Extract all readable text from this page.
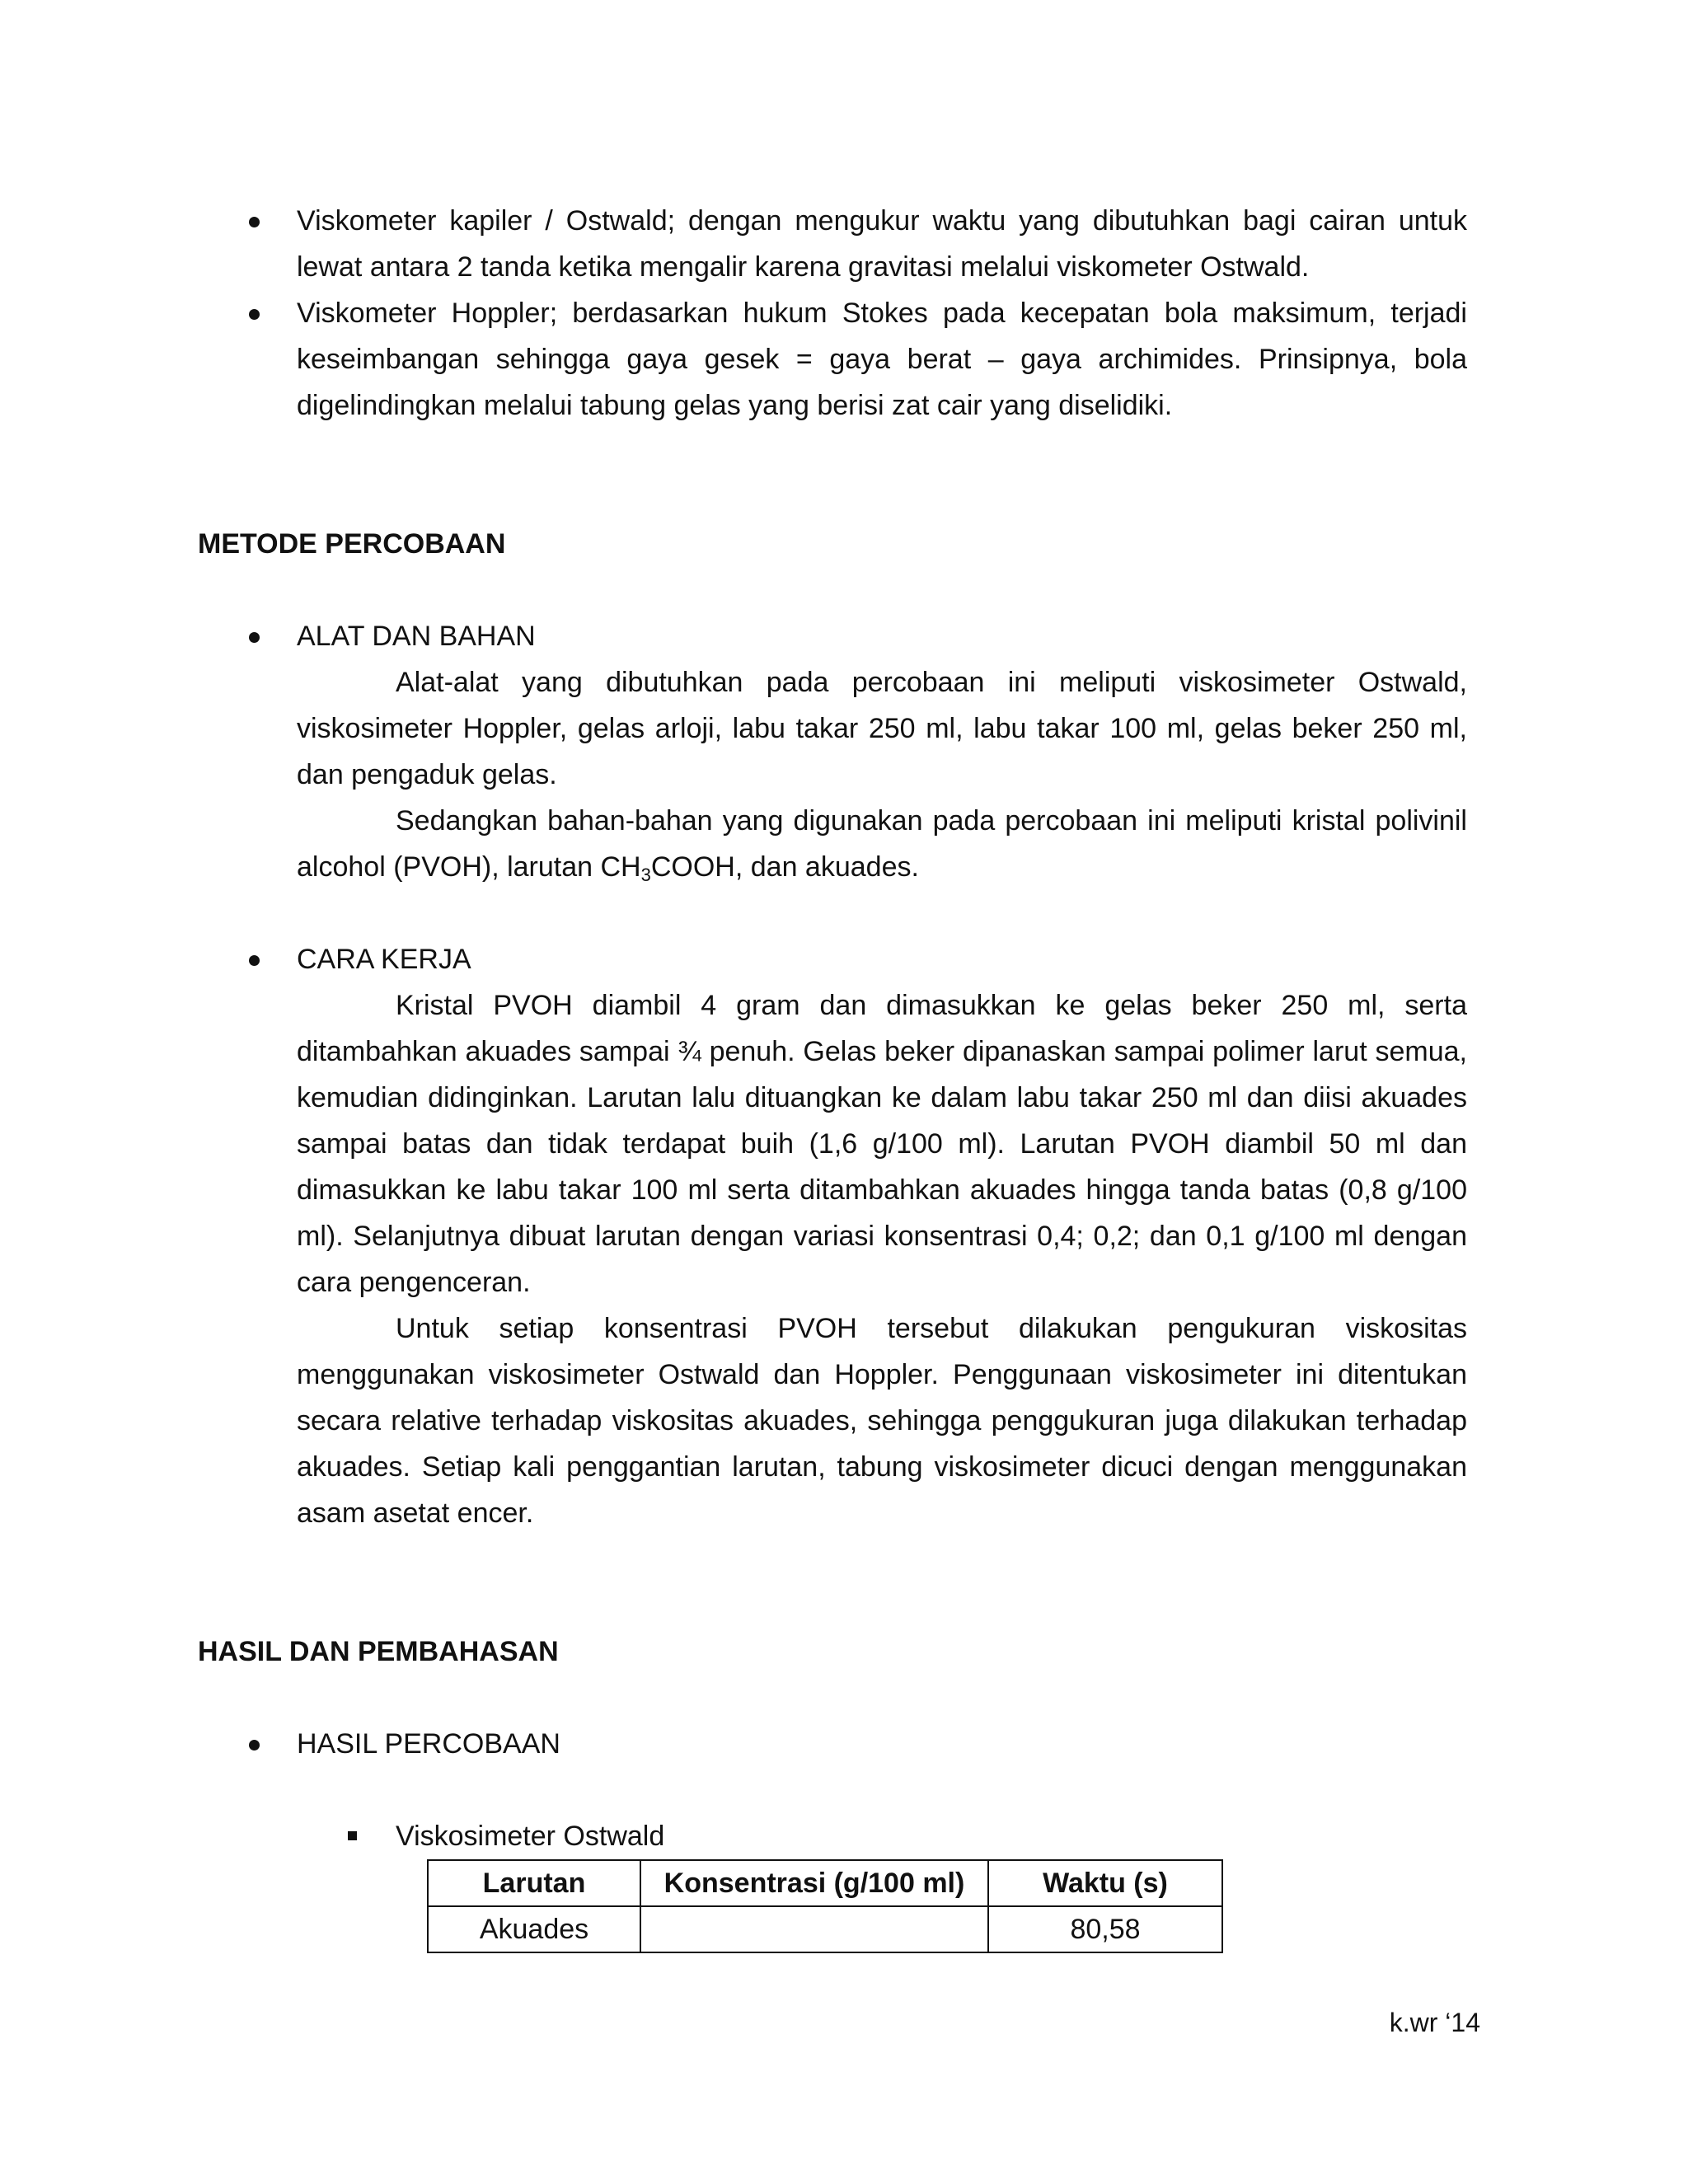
Viskometer kapiler / Ostwald; dengan mengukur waktu yang dibutuhkan bagi cairan untuk lewat antara 2 tanda ketika mengalir karena gravitasi melalui viskometer Ostwald.

Viskometer Hoppler; berdasarkan hukum Stokes pada kecepatan bola maksimum, terjadi keseimbangan sehingga gaya gesek = gaya berat – gaya archimides. Prinsipnya, bola digelindingkan melalui tabung gelas yang berisi zat cair yang diselidiki.

METODE PERCOBAAN

ALAT DAN BAHAN

Alat-alat yang dibutuhkan pada percobaan ini meliputi viskosimeter Ostwald, viskosimeter Hoppler, gelas arloji, labu takar 250 ml, labu takar 100 ml, gelas beker 250 ml, dan pengaduk gelas.

Sedangkan bahan-bahan yang digunakan pada percobaan ini meliputi kristal polivinil alcohol (PVOH), larutan $CH_3COOH$, dan akuades.

CARA KERJA

Kristal PVOH diambil 4 gram dan dimasukkan ke gelas beker 250 ml, serta ditambahkan akuades sampai ¾ penuh. Gelas beker dipanaskan sampai polimer larut semua, kemudian didinginkan. Larutan lalu dituangkan ke dalam labu takar 250 ml dan diisi akuades sampai batas dan tidak terdapat buih (1,6 g/100 ml). Larutan PVOH diambil 50 ml dan dimasukkan ke labu takar 100 ml serta ditambahkan akuades hingga tanda batas (0,8 g/100 ml). Selanjutnya dibuat larutan dengan variasi konsentrasi 0,4; 0,2; dan 0,1 g/100 ml dengan cara pengenceran.

Untuk setiap konsentrasi PVOH tersebut dilakukan pengukuran viskositas menggunakan viskosimeter Ostwald dan Hoppler. Penggunaan viskosimeter ini ditentukan secara relative terhadap viskositas akuades, sehingga penggukuran juga dilakukan terhadap akuades. Setiap kali penggantian larutan, tabung viskosimeter dicuci dengan menggunakan asam asetat encer.

HASIL DAN PEMBAHASAN

HASIL PERCOBAAN

Viskosimeter Ostwald
Larutan	Konsentrasi (g/100 ml)	Waktu (s)
Akuades		80,58
k.wr ‘14
